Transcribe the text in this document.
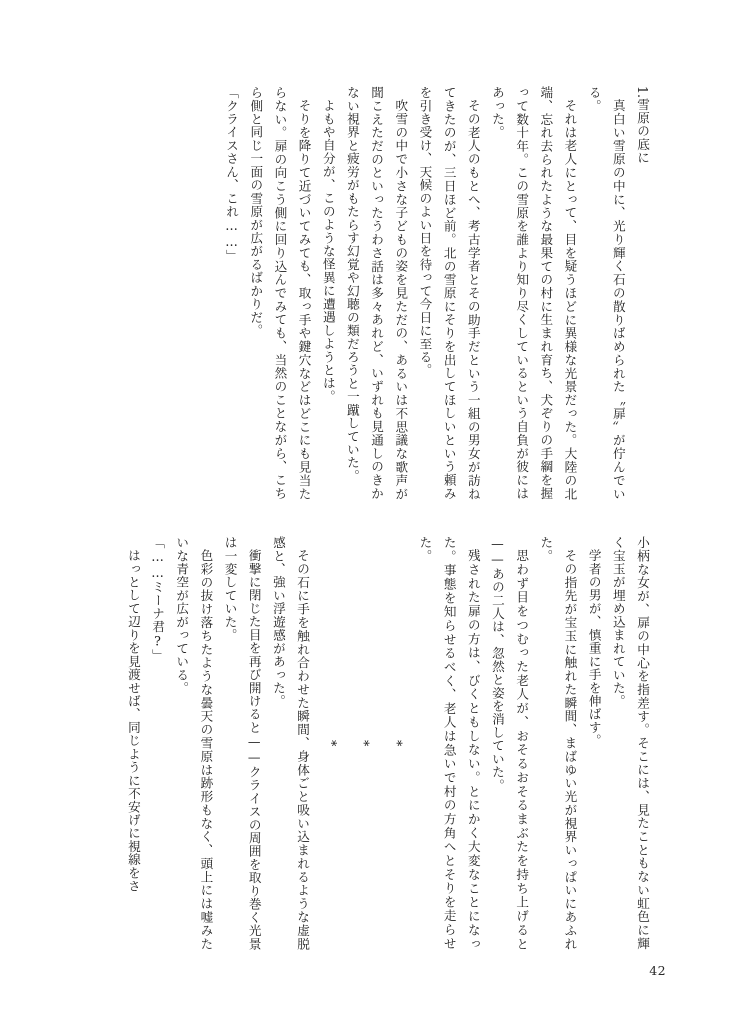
1.雪原の底に

真白い雪原の中に、光り輝く石の散りばめられた〝扉〟が佇んでいる。

それは老人にとって、目を疑うほどに異様な光景だった。大陸の北端、忘れ去られたような最果ての村に生まれ育ち、犬ぞりの手綱を握って数十年。この雪原を誰より知り尽くしているという自負が彼にはあった。

その老人のもとへ、考古学者とその助手だという一組の男女が訪ねてきたのが、三日ほど前。北の雪原にそりを出してほしいという頼みを引き受け、天候のよい日を待って今日に至る。

吹雪の中で小さな子どもの姿を見ただの、あるいは不思議な歌声が聞こえただのといったうわさ話は多々あれど、いずれも見通しのきかない視界と疲労がもたらす幻覚や幻聴の類だろうと一蹴していた。

よもや自分が、このような怪異に遭遇しようとは。

そりを降りて近づいてみても、取っ手や鍵穴などはどこにも見当たらない。扉の向こう側に回り込んでみても、当然のことながら、こちら側と同じ一面の雪原が広がるばかりだ。

「クライスさん、これ……」

小柄な女が、扉の中心を指差す。そこには、見たこともない虹色に輝く宝玉が埋め込まれていた。

学者の男が、慎重に手を伸ばす。

その指先が宝玉に触れた瞬間、まばゆい光が視界いっぱいにあふれた。

思わず目をつむった老人が、おそるおそるまぶたを持ち上げると——あの二人は、忽然と姿を消していた。

残された扉の方は、びくともしない。とにかく大変なことになった。事態を知らせるべく、老人は急いで村の方角へとそりを走らせた。

*
*
*

その石に手を触れ合わせた瞬間、身体ごと吸い込まれるような虚脱感と、強い浮遊感があった。

衝撃に閉じた目を再び開けると——クライスの周囲を取り巻く光景は一変していた。

色彩の抜け落ちたような曇天の雪原は跡形もなく、頭上には嘘みたいな青空が広がっている。

「……ミーナ君?」

はっとして辺りを見渡せば、同じように不安げに視線をさ

42
